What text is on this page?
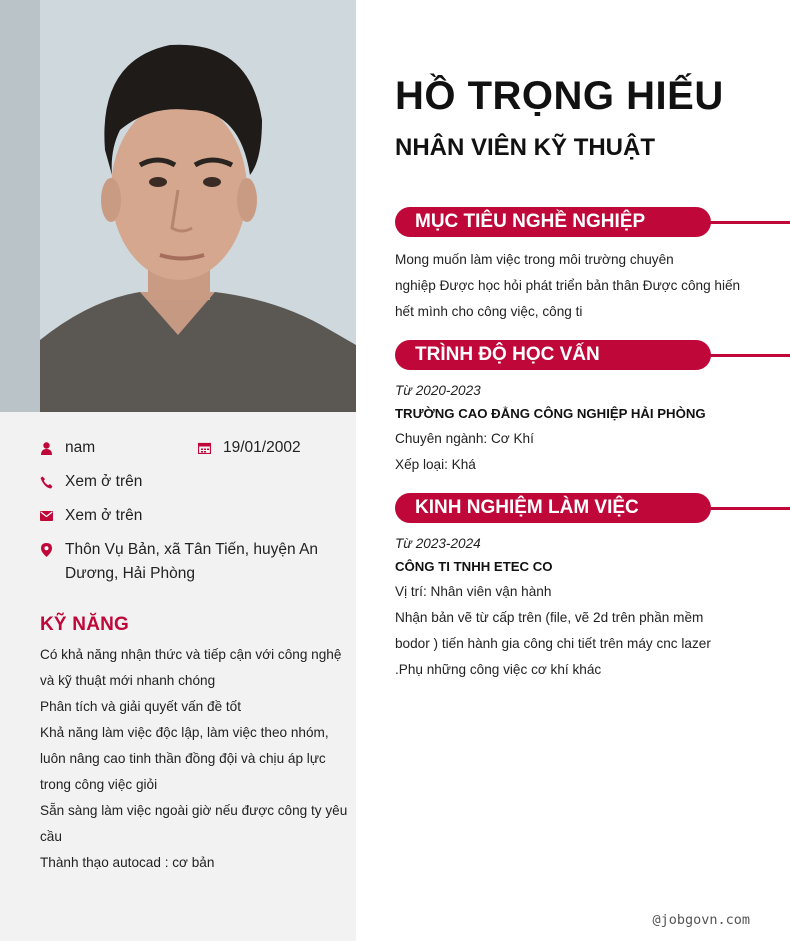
nam	19/01/2002
Xem ở trên
Xem ở trên
Thôn Vụ Bản, xã Tân Tiến, huyện An
Dương, Hải Phòng
KỸ NĂNG
Có khả năng nhận thức và tiếp cận với công nghệ
và kỹ thuật mới nhanh chóng
Phân tích và giải quyết vấn đề tốt
Khả năng làm việc độc lập, làm việc theo nhóm,
luôn nâng cao tinh thần đồng đội và chịu áp lực
trong công việc giỏi
Sẵn sàng làm việc ngoài giờ nếu được công ty yêu
cầu
Thành thạo autocad : cơ bản
HỒ TRỌNG HIẾU
NHÂN VIÊN KỸ THUẬT
MỤC TIÊU NGHỀ NGHIỆP
Mong muốn làm việc trong môi trường chuyên
nghiệp Được học hỏi phát triển bản thân Được công hiến
hết mình cho công việc, công ti
TRÌNH ĐỘ HỌC VẤN
Từ 2020-2023
TRƯỜNG CAO ĐẲNG CÔNG NGHIỆP HẢI PHÒNG
Chuyên ngành: Cơ Khí
Xếp loại: Khá
KINH NGHIỆM LÀM VIỆC
Từ 2023-2024
CÔNG TI TNHH ETEC CO
Vị trí: Nhân viên vận hành
Nhận bản vẽ từ cấp trên (file, vẽ 2d trên phần mềm
bodor ) tiến hành gia công chi tiết trên máy cnc lazer
.Phụ những công việc cơ khí khác
@jobgovn.com
